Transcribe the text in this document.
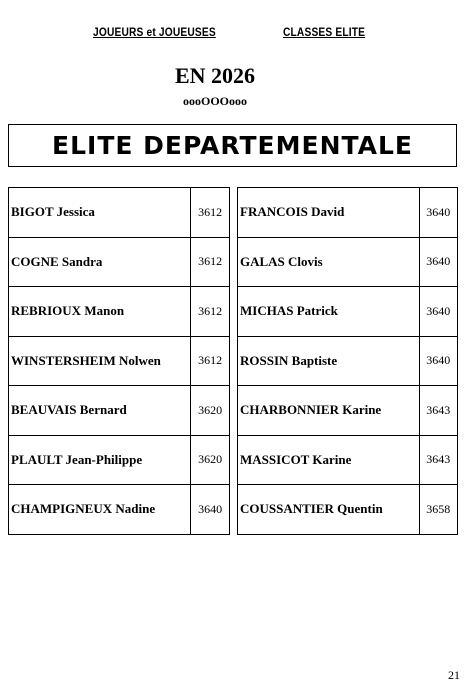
JOUEURS et JOUEUSES	CLASSES ELITE
EN 2026
oooOOOooo
ELITE DEPARTEMENTALE
BIGOT Jessica	3612
COGNE Sandra	3612
REBRIOUX Manon	3612
WINSTERSHEIM Nolwen	3612
BEAUVAIS Bernard	3620
PLAULT Jean-Philippe	3620
CHAMPIGNEUX Nadine	3640
FRANCOIS David	3640
GALAS Clovis	3640
MICHAS Patrick	3640
ROSSIN Baptiste	3640
CHARBONNIER Karine	3643
MASSICOT Karine	3643
COUSSANTIER Quentin	3658
21
